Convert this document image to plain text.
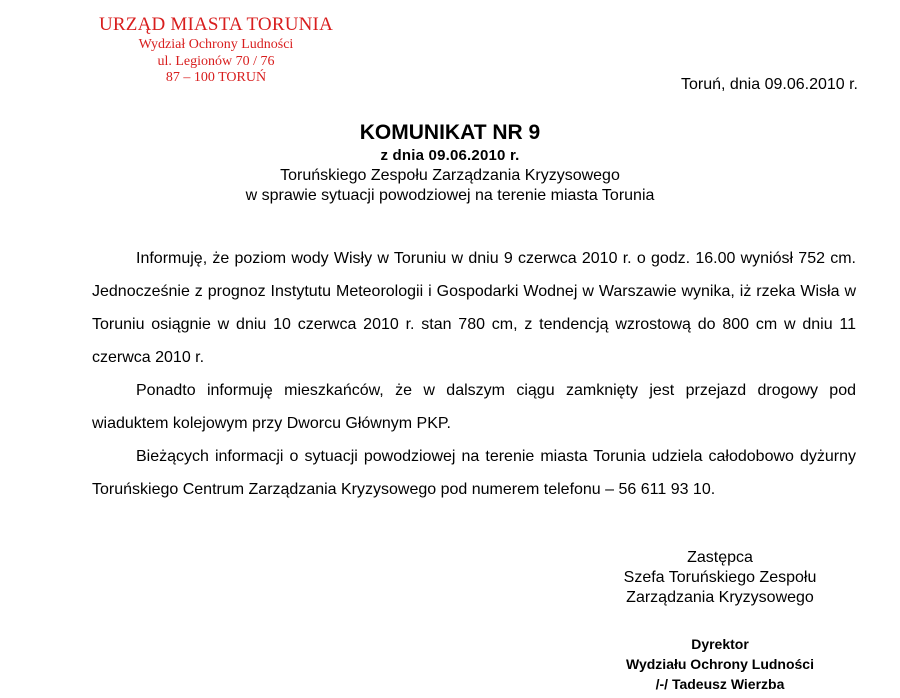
URZĄD MIASTA TORUNIA
Wydział Ochrony Ludności
ul. Legionów 70 / 76
87 – 100 TORUŃ	Toruń, dnia 09.06.2010 r.
KOMUNIKAT NR 9
z dnia 09.06.2010 r.
Toruńskiego Zespołu Zarządzania Kryzysowego
w sprawie sytuacji powodziowej na terenie miasta Torunia

Informuję, że poziom wody Wisły w Toruniu w dniu 9 czerwca 2010 r. o godz. 16.00 wyniósł 752 cm. Jednocześnie z prognoz Instytutu Meteorologii i Gospodarki Wodnej w Warszawie wynika, iż rzeka Wisła w Toruniu osiągnie w dniu 10 czerwca 2010 r. stan 780 cm, z tendencją wzrostową do 800 cm w dniu 11 czerwca 2010 r.

Ponadto informuję mieszkańców, że w dalszym ciągu zamknięty jest przejazd drogowy pod wiaduktem kolejowym przy Dworcu Głównym PKP.

Bieżących informacji o sytuacji powodziowej na terenie miasta Torunia udziela całodobowo dyżurny Toruńskiego Centrum Zarządzania Kryzysowego pod numerem telefonu – 56 611 93 10.

Zastępca
Szefa Toruńskiego Zespołu
Zarządzania Kryzysowego
Dyrektor
Wydziału Ochrony Ludności
/-/ Tadeusz Wierzba
